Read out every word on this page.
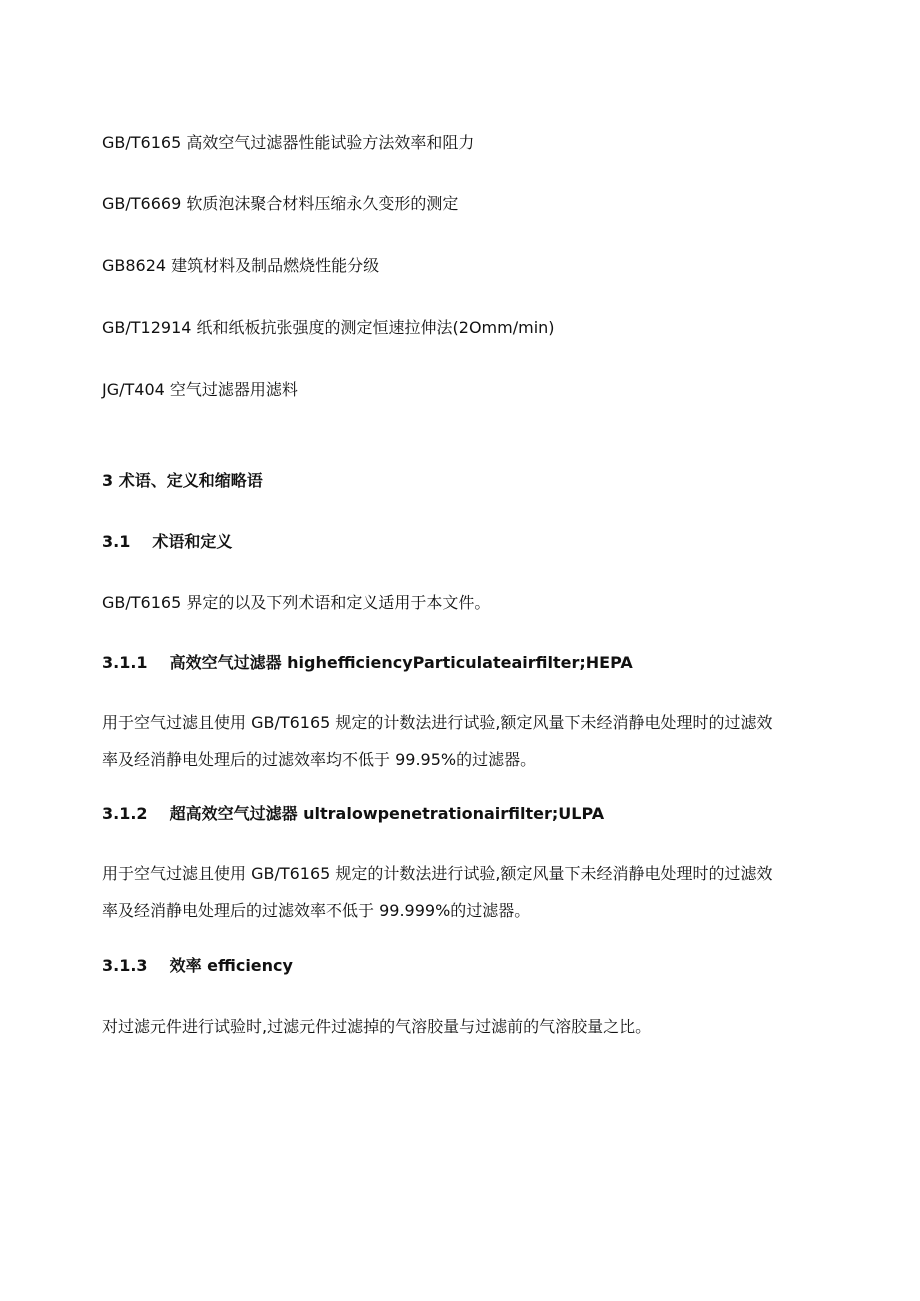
GB/T6165 高效空气过滤器性能试验方法效率和阻力
GB/T6669 软质泡沫聚合材料压缩永久变形的测定
GB8624 建筑材料及制品燃烧性能分级
GB/T12914 纸和纸板抗张强度的测定恒速拉伸法(2Omm∕min)
JG/T404 空气过滤器用滤料
3 术语、定义和缩略语
3.1 术语和定义
GB/T6165 界定的以及下列术语和定义适用于本文件。
3.1.1 高效空气过滤器 highefficiencyParticulateairfilter;HEPA
用于空气过滤且使用 GB/T6165 规定的计数法进行试验,额定风量下未经消静电处理时的过滤效
率及经消静电处理后的过滤效率均不低于 99.95%的过滤器。
3.1.2 超高效空气过滤器 ultralowpenetrationairfilter;ULPA
用于空气过滤且使用 GB/T6165 规定的计数法进行试验,额定风量下未经消静电处理时的过滤效
率及经消静电处理后的过滤效率不低于 99.999%的过滤器。
3.1.3 效率 efficiency
对过滤元件进行试验时,过滤元件过滤掉的气溶胶量与过滤前的气溶胶量之比。
